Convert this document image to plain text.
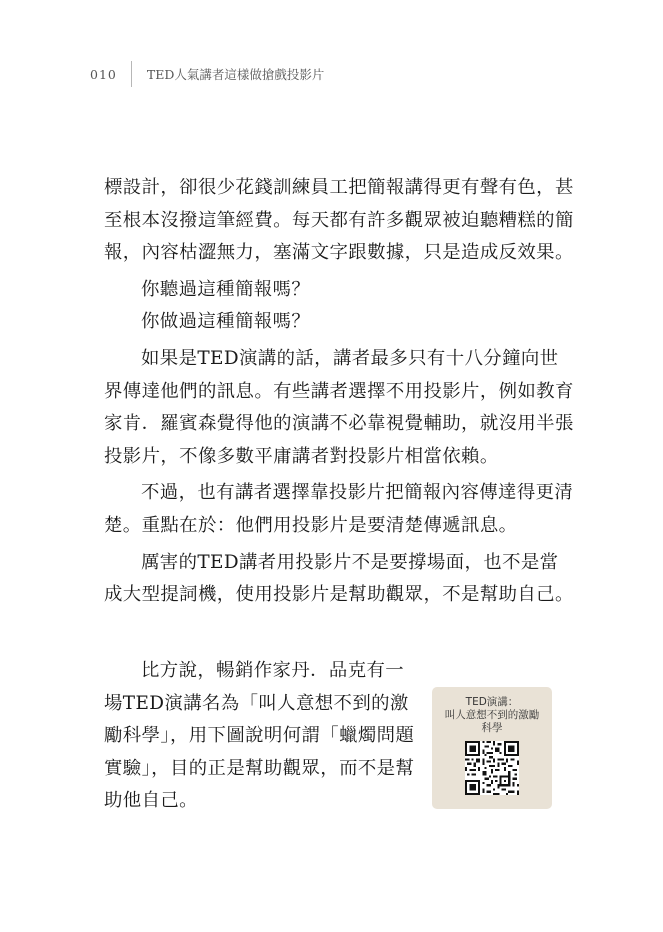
010 TED人氣講者這樣做搶戲投影片

標設計，卻很少花錢訓練員工把簡報講得更有聲有色，甚至根本沒撥這筆經費。每天都有許多觀眾被迫聽糟糕的簡報，內容枯澀無力，塞滿文字跟數據，只是造成反效果。

你聽過這種簡報嗎？

你做過這種簡報嗎？

如果是TED演講的話，講者最多只有十八分鐘向世界傳達他們的訊息。有些講者選擇不用投影片，例如教育家肯．羅賓森覺得他的演講不必靠視覺輔助，就沒用半張投影片，不像多數平庸講者對投影片相當依賴。

不過，也有講者選擇靠投影片把簡報內容傳達得更清楚。重點在於：他們用投影片是要清楚傳遞訊息。

厲害的TED講者用投影片不是要撐場面，也不是當成大型提詞機，使用投影片是幫助觀眾，不是幫助自己。

比方說，暢銷作家丹．品克有一場TED演講名為「叫人意想不到的激勵科學」，用下圖說明何謂「蠟燭問題實驗」，目的正是幫助觀眾，而不是幫助他自己。

TED演講：
叫人意想不到的激勵
科學
